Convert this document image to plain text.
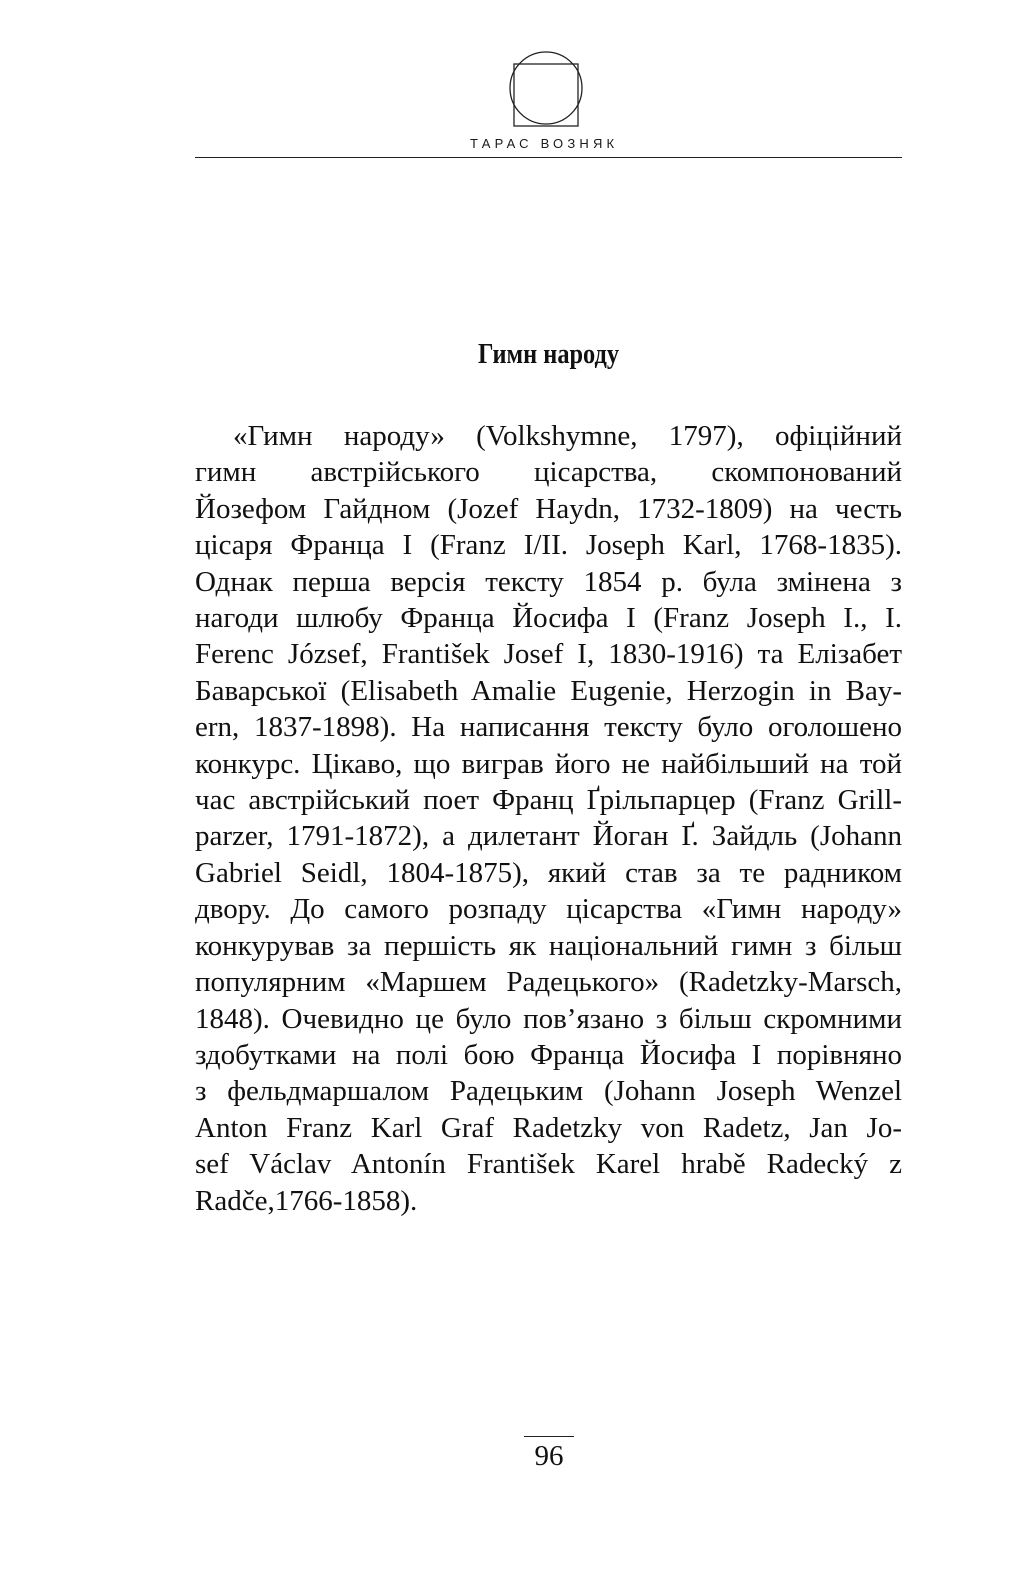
ТАРАС ВОЗНЯК
Гимн народу
«Гимн народу» (Volkshymne, 1797), офіційний
гимн австрійського цісарства, скомпонований
Йозефом Гайдном (Jozef Haydn, 1732-1809) на честь
цісаря Франца І (Franz I/II. Joseph Karl, 1768-1835).
Однак перша версія тексту 1854 р. була змінена з
нагоди шлюбу Франца Йосифа І (Franz Joseph I., I.
Ferenc József, František Josef I, 1830-1916) та Елізабет
Баварської (Elisabeth Amalie Eugenie, Herzogin in Bay-
ern, 1837-1898). На написання тексту було оголошено
конкурс. Цікаво, що виграв його не найбільший на той
час австрійський поет Франц Ґрільпарцер (Franz Grill-
parzer, 1791-1872), а дилетант Йоган Ґ. Зайдль (Johann
Gabriel Seidl, 1804-1875), який став за те радником
двору. До самого розпаду цісарства «Гимн народу»
конкурував за першість як національний гимн з більш
популярним «Маршем Радецького» (Radetzky-Marsch,
1848). Очевидно це було пов’язано з більш скромними
здобутками на полі бою Франца Йосифа І порівняно
з фельдмаршалом Радецьким (Johann Joseph Wenzel
Anton Franz Karl Graf Radetzky von Radetz, Jan Jo-
sef Václav Antonín František Karel hrabě Radecký z
Radče,1766-1858).
96
